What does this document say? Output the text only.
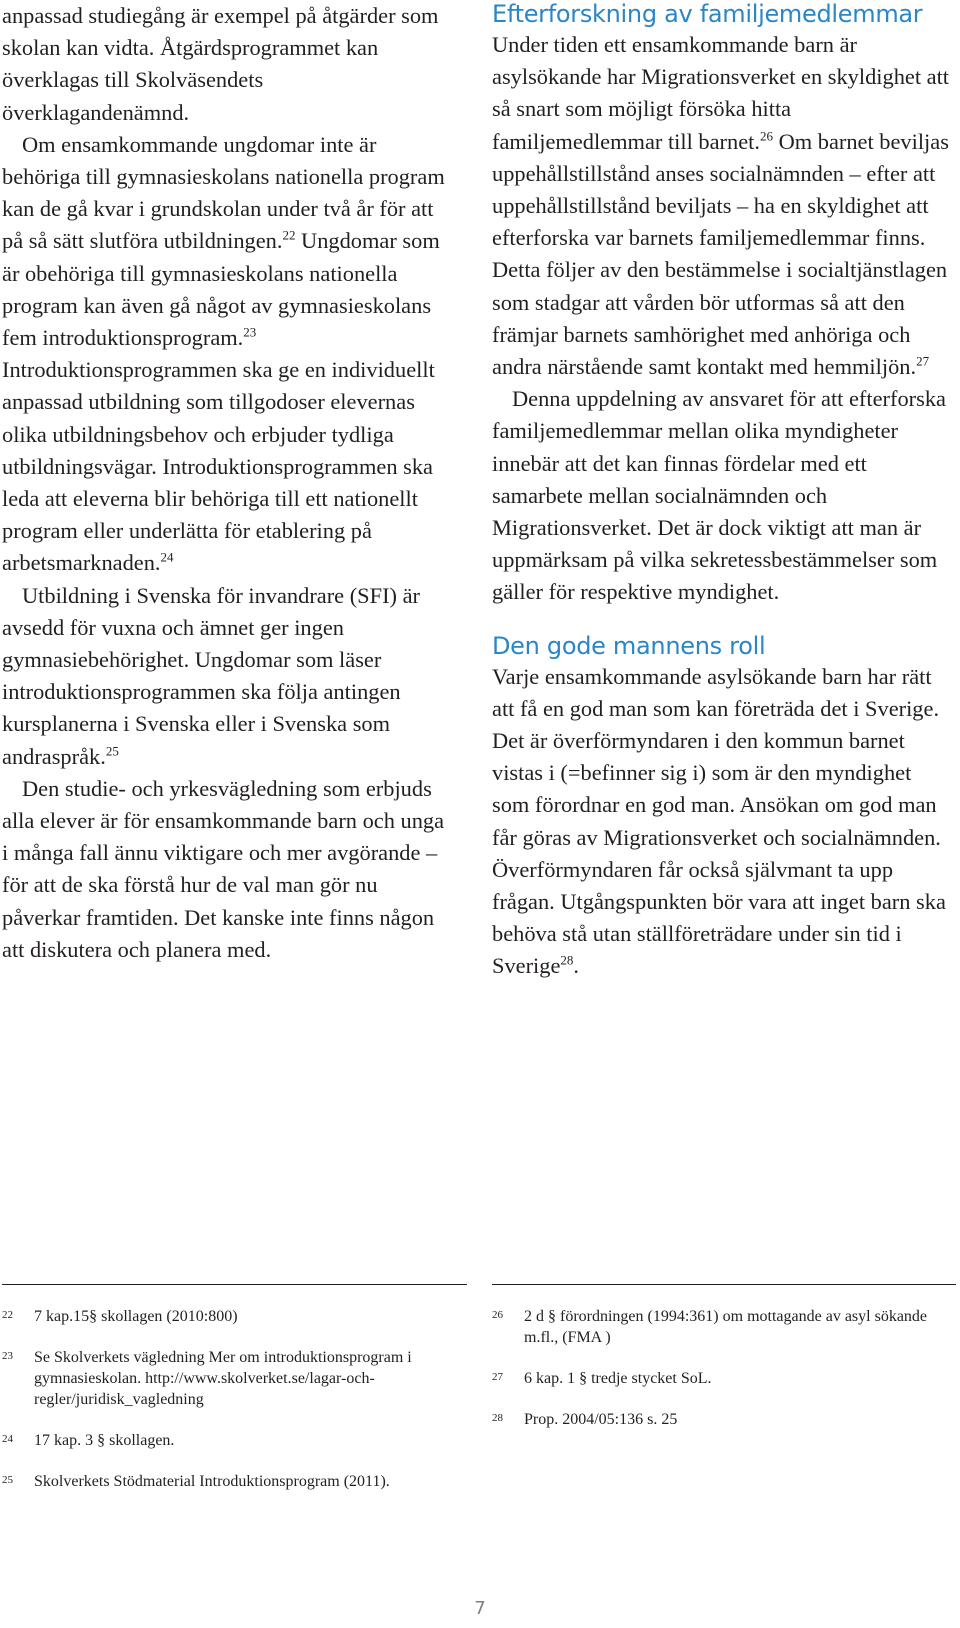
anpassad studiegång är exempel på åtgärder som skolan kan vidta. Åtgärdsprogrammet kan överklagas till Skolväsendets överklagandenämnd.

Om ensamkommande ungdomar inte är behöriga till gymnasieskolans nationella program kan de gå kvar i grundskolan under två år för att på så sätt slutföra utbildningen.$^{22}$ Ungdomar som är obehöriga till gymnasieskolans nationella program kan även gå något av gymnasieskolans fem introduktionsprogram.$^{23}$ Introduktionsprogrammen ska ge en individuellt anpassad utbildning som tillgodoser elevernas olika utbildningsbehov och erbjuder tydliga utbildningsvägar. Introduktionsprogrammen ska leda att eleverna blir behöriga till ett nationellt program eller underlätta för etablering på arbetsmarknaden.$^{24}$

Utbildning i Svenska för invandrare (SFI) är avsedd för vuxna och ämnet ger ingen gymnasiebehörighet. Ungdomar som läser introduktionsprogrammen ska följa antingen kursplanerna i Svenska eller i Svenska som andraspråk.$^{25}$

Den studie- och yrkesvägledning som erbjuds alla elever är för ensamkommande barn och unga i många fall ännu viktigare och mer avgörande – för att de ska förstå hur de val man gör nu påverkar framtiden. Det kanske inte finns någon att diskutera och planera med.

Efterforskning av familjemedlemmar

Under tiden ett ensamkommande barn är asylsökande har Migrationsverket en skyldighet att så snart som möjligt försöka hitta familjemedlemmar till barnet.$^{26}$ Om barnet beviljas uppehållstillstånd anses socialnämnden – efter att uppehållstillstånd beviljats – ha en skyldighet att efterforska var barnets familjemedlemmar finns. Detta följer av den bestämmelse i socialtjänstlagen som stadgar att vården bör utformas så att den främjar barnets samhörighet med anhöriga och andra närstående samt kontakt med hemmiljön.$^{27}$

Denna uppdelning av ansvaret för att efterforska familjemedlemmar mellan olika myndigheter innebär att det kan finnas fördelar med ett samarbete mellan socialnämnden och Migrationsverket. Det är dock viktigt att man är uppmärksam på vilka sekretessbestämmelser som gäller för respektive myndighet.

Den gode mannens roll

Varje ensamkommande asylsökande barn har rätt att få en god man som kan företräda det i Sverige. Det är överförmyndaren i den kommun barnet vistas i (=befinner sig i) som är den myndighet som förordnar en god man. Ansökan om god man får göras av Migrationsverket och socialnämnden. Överförmyndaren får också självmant ta upp frågan. Utgångspunkten bör vara att inget barn ska behöva stå utan ställföreträdare under sin tid i Sverige$^{28}$.

22	7 kap.15§ skollagen (2010:800)
23	Se Skolverkets vägledning Mer om introduktionsprogram i gymnasieskolan. http://www.skolverket.se/lagar-och-regler/juridisk_vagledning
24	17 kap. 3 § skollagen.
25	Skolverkets Stödmaterial Introduktionsprogram (2011).
26	2 d § förordningen (1994:361) om mottagande av asyl sökande m.fl., (FMA )
27	6 kap. 1 § tredje stycket SoL.
28	Prop. 2004/05:136 s. 25
7
